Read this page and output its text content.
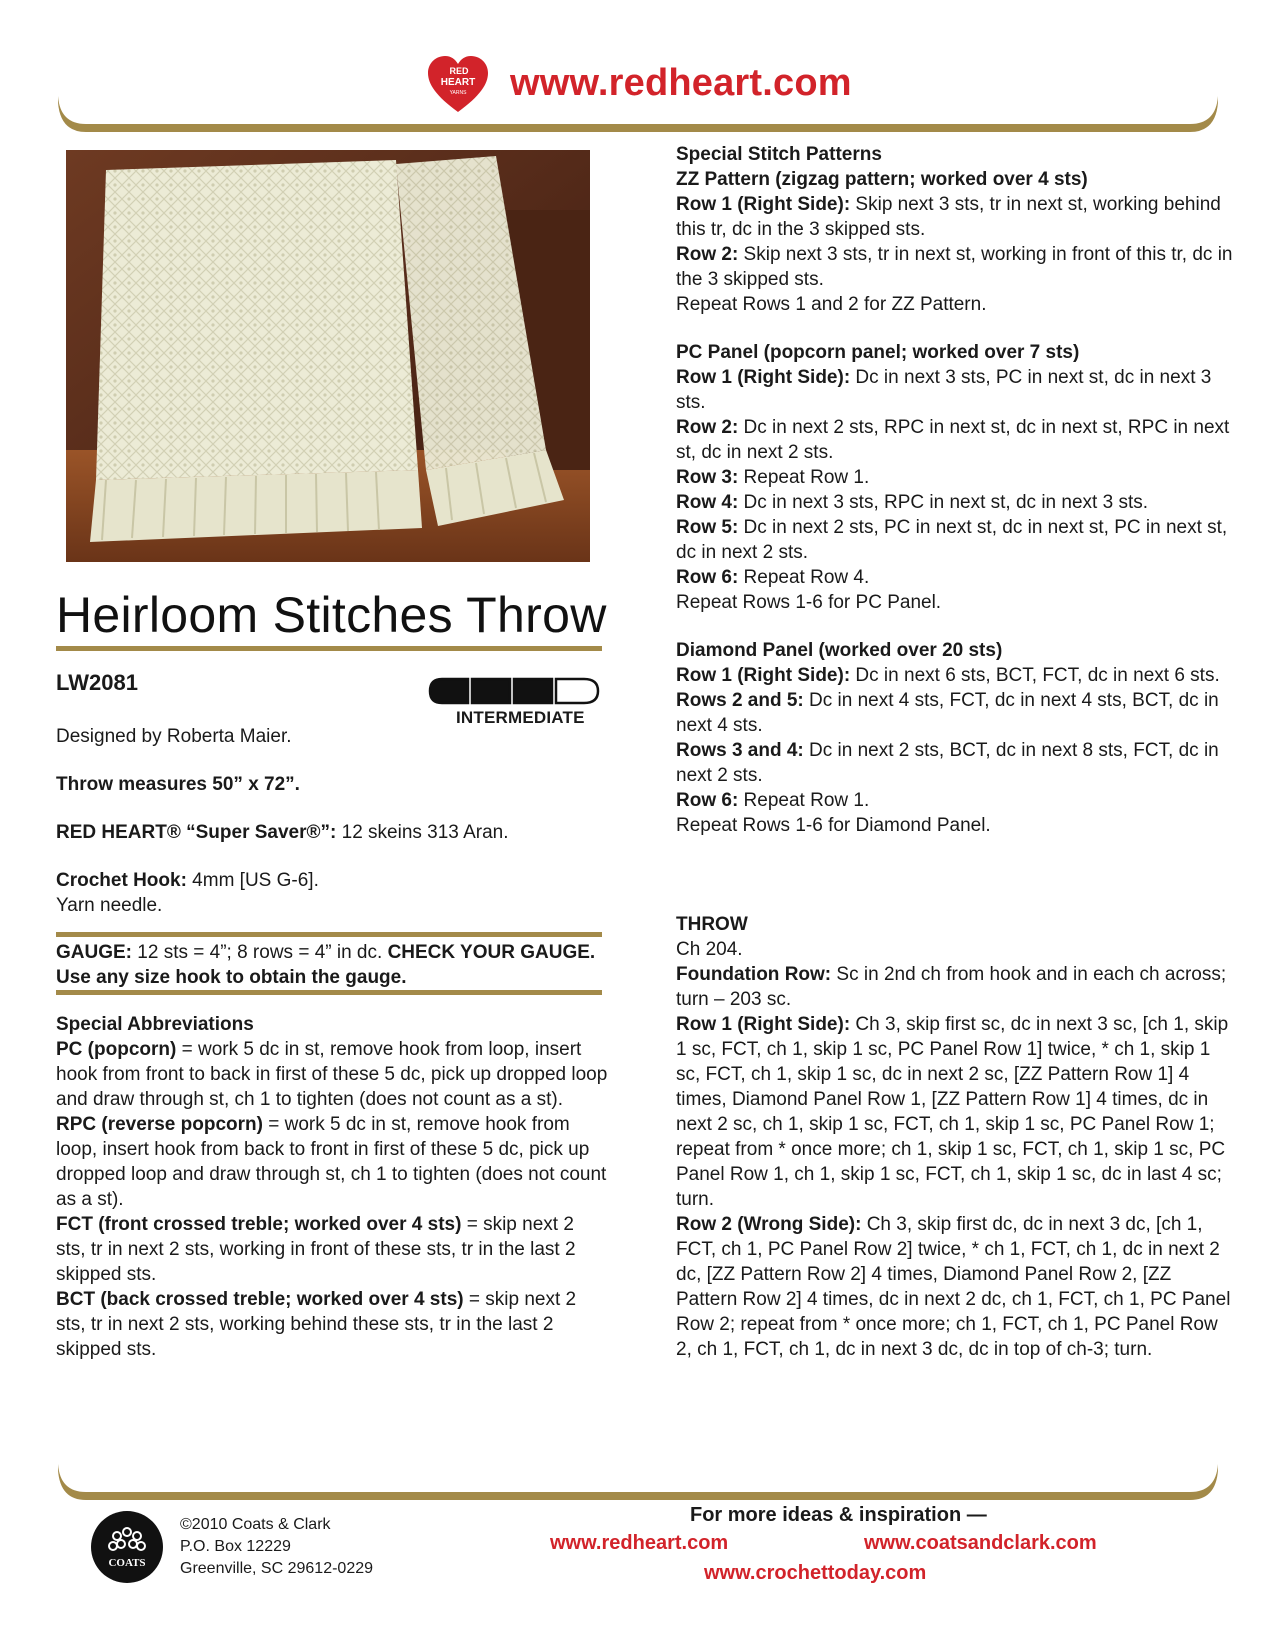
RED
HEART
YARNS www.redheart.com
Heirloom Stitches Throw
LW2081
INTERMEDIATE
Designed by Roberta Maier.
Throw measures 50” x 72”.
RED HEART® “Super Saver®”: 12 skeins 313 Aran.
Crochet Hook: 4mm [US G-6].
Yarn needle.
GAUGE: 12 sts = 4”; 8 rows = 4” in dc. CHECK YOUR GAUGE. Use any size hook to obtain the gauge.
Special Abbreviations
PC (popcorn) = work 5 dc in st, remove hook from loop, insert hook from front to back in first of these 5 dc, pick up dropped loop and draw through st, ch 1 to tighten (does not count as a st).
RPC (reverse popcorn) = work 5 dc in st, remove hook from loop, insert hook from back to front in first of these 5 dc, pick up dropped loop and draw through st, ch 1 to tighten (does not count as a st).
FCT (front crossed treble; worked over 4 sts) = skip next 2 sts, tr in next 2 sts, working in front of these sts, tr in the last 2 skipped sts.
BCT (back crossed treble; worked over 4 sts) = skip next 2 sts, tr in next 2 sts, working behind these sts, tr in the last 2 skipped sts.
Special Stitch Patterns
ZZ Pattern (zigzag pattern; worked over 4 sts)
Row 1 (Right Side): Skip next 3 sts, tr in next st, working behind this tr, dc in the 3 skipped sts.
Row 2: Skip next 3 sts, tr in next st, working in front of this tr, dc in the 3 skipped sts.
Repeat Rows 1 and 2 for ZZ Pattern.
PC Panel (popcorn panel; worked over 7 sts)
Row 1 (Right Side): Dc in next 3 sts, PC in next st, dc in next 3 sts.
Row 2: Dc in next 2 sts, RPC in next st, dc in next st, RPC in next st, dc in next 2 sts.
Row 3: Repeat Row 1.
Row 4: Dc in next 3 sts, RPC in next st, dc in next 3 sts.
Row 5: Dc in next 2 sts, PC in next st, dc in next st, PC in next st, dc in next 2 sts.
Row 6: Repeat Row 4.
Repeat Rows 1-6 for PC Panel.
Diamond Panel (worked over 20 sts)
Row 1 (Right Side): Dc in next 6 sts, BCT, FCT, dc in next 6 sts.
Rows 2 and 5: Dc in next 4 sts, FCT, dc in next 4 sts, BCT, dc in next 4 sts.
Rows 3 and 4: Dc in next 2 sts, BCT, dc in next 8 sts, FCT, dc in next 2 sts.
Row 6: Repeat Row 1.
Repeat Rows 1-6 for Diamond Panel.
THROW
Ch 204.
Foundation Row: Sc in 2nd ch from hook and in each ch across; turn – 203 sc.
Row 1 (Right Side): Ch 3, skip first sc, dc in next 3 sc, [ch 1, skip 1 sc, FCT, ch 1, skip 1 sc, PC Panel Row 1] twice, * ch 1, skip 1 sc, FCT, ch 1, skip 1 sc, dc in next 2 sc, [ZZ Pattern Row 1] 4 times, Diamond Panel Row 1, [ZZ Pattern Row 1] 4 times, dc in next 2 sc, ch 1, skip 1 sc, FCT, ch 1, skip 1 sc, PC Panel Row 1; repeat from * once more; ch 1, skip 1 sc, FCT, ch 1, skip 1 sc, PC Panel Row 1, ch 1, skip 1 sc, FCT, ch 1, skip 1 sc, dc in last 4 sc; turn.
Row 2 (Wrong Side): Ch 3, skip first dc, dc in next 3 dc, [ch 1, FCT, ch 1, PC Panel Row 2] twice, * ch 1, FCT, ch 1, dc in next 2 dc, [ZZ Pattern Row 2] 4 times, Diamond Panel Row 2, [ZZ Pattern Row 2] 4 times, dc in next 2 dc, ch 1, FCT, ch 1, PC Panel Row 2; repeat from * once more; ch 1, FCT, ch 1, PC Panel Row 2, ch 1, FCT, ch 1, dc in next 3 dc, dc in top of ch-3; turn.
COATS
©2010 Coats & Clark
P.O. Box 12229
Greenville, SC 29612-0229
For more ideas & inspiration —
www.redheart.com	www.coatsandclark.com
www.crochettoday.com
